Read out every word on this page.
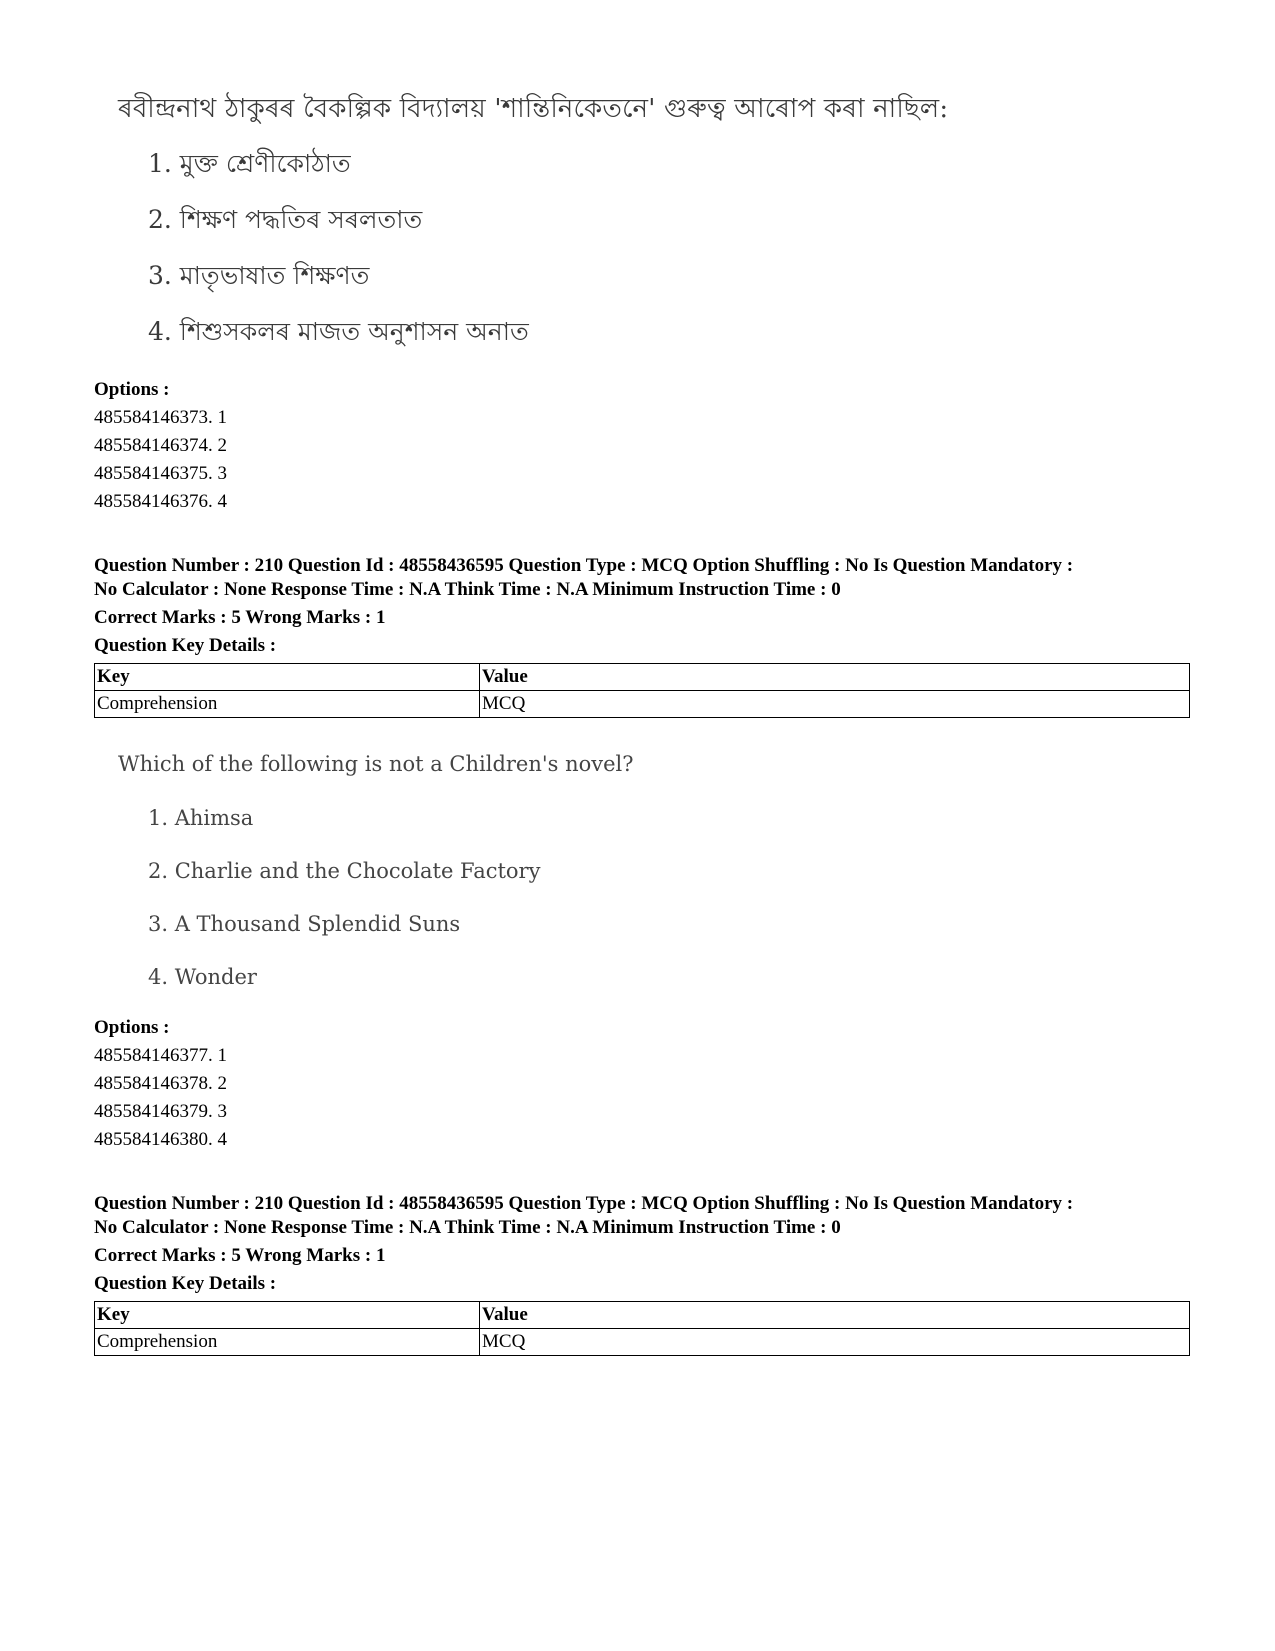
ৰবীন্দ্ৰনাথ ঠাকুৰৰ বৈকল্পিক বিদ্যালয় 'শান্তিনিকেতনে' গুৰুত্ব আৰোপ কৰা নাছিল:
1. মুক্ত শ্ৰেণীকোঠাত
2. শিক্ষণ পদ্ধতিৰ সৰলতাত
3. মাতৃভাষাত শিক্ষণত
4. শিশুসকলৰ মাজত অনুশাসন অনাত
Options :
485584146373. 1
485584146374. 2
485584146375. 3
485584146376. 4
Question Number : 210 Question Id : 48558436595 Question Type : MCQ Option Shuffling : No Is Question Mandatory :
No Calculator : None Response Time : N.A Think Time : N.A Minimum Instruction Time : 0
Correct Marks : 5 Wrong Marks : 1
Question Key Details :
Key	Value
Comprehension	MCQ
Which of the following is not a Children's novel?
1. Ahimsa
2. Charlie and the Chocolate Factory
3. A Thousand Splendid Suns
4. Wonder
Options :
485584146377. 1
485584146378. 2
485584146379. 3
485584146380. 4
Question Number : 210 Question Id : 48558436595 Question Type : MCQ Option Shuffling : No Is Question Mandatory :
No Calculator : None Response Time : N.A Think Time : N.A Minimum Instruction Time : 0
Correct Marks : 5 Wrong Marks : 1
Question Key Details :
Key	Value
Comprehension	MCQ
